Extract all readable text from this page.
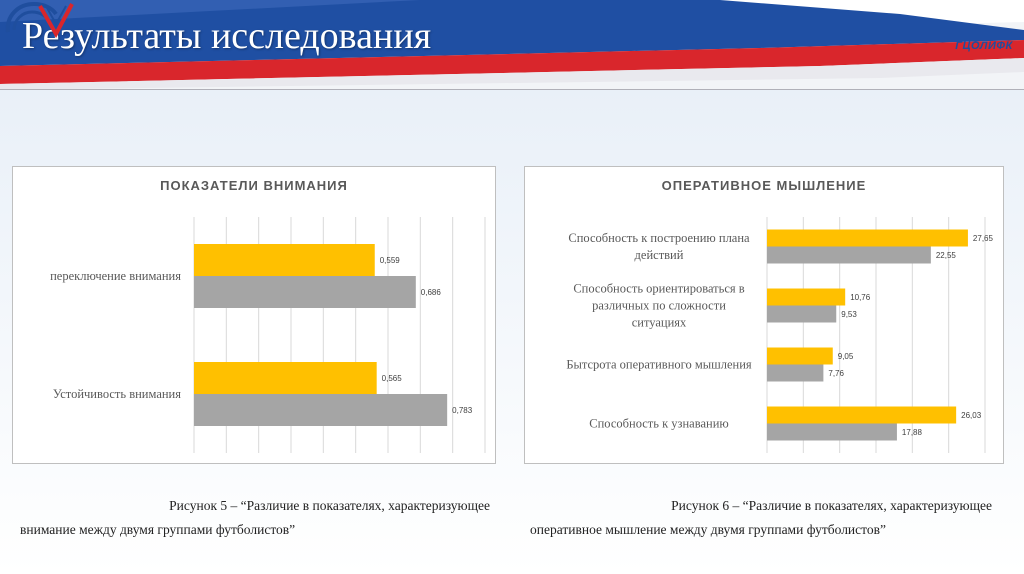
Результаты исследования	ГЦОЛИФК
ПОКАЗАТЕЛИ ВНИМАНИЯ
0,559
0,686
переключение внимания
0,565
0,783
Устойчивость внимания
ОПЕРАТИВНОЕ МЫШЛЕНИЕ
27,65
22,55
Способность к построению плана действий
10,76
9,53
Способность ориентироваться в различных по сложности ситуациях
9,05
7,76
Бытсрота оперативного мышления
26,03
17,88
Способность к узнаванию
Рисунок 5 – “Различие в показателях, характеризующее
внимание между двумя группами футболистов”
Рисунок 6 – “Различие в показателях, характеризующее
оперативное мышление между двумя группами футболистов”
